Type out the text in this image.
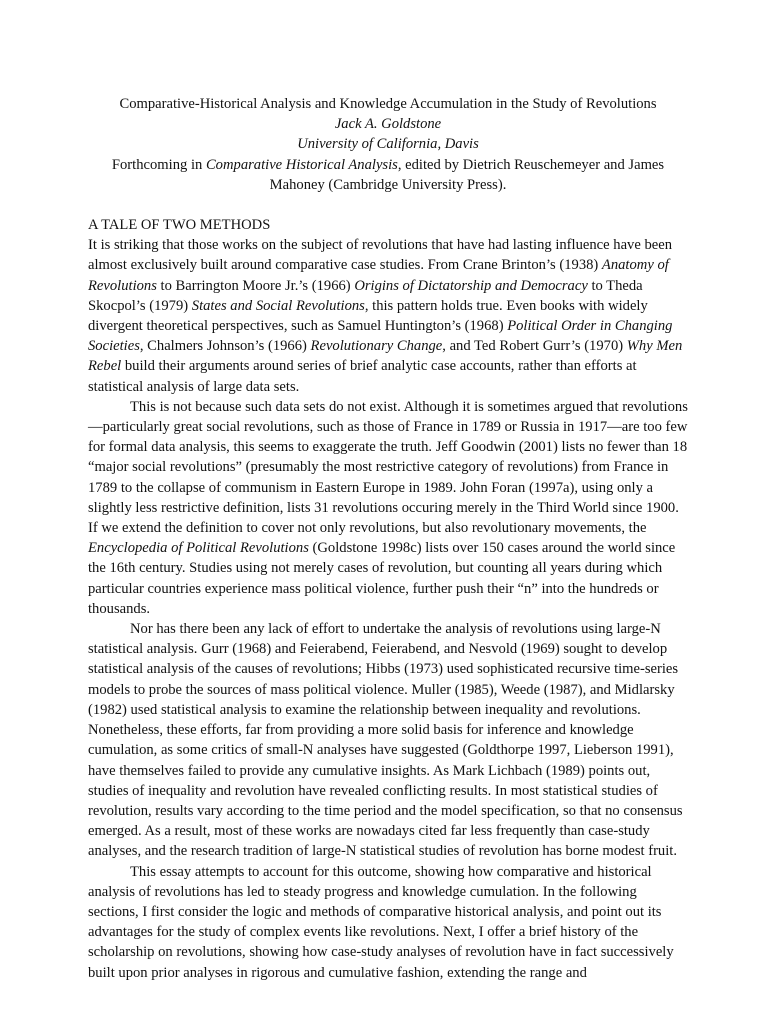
Comparative-Historical Analysis and Knowledge Accumulation in the Study of Revolutions

Jack A. Goldstone

University of California, Davis

Forthcoming in Comparative Historical Analysis, edited by Dietrich Reuschemeyer and James Mahoney (Cambridge University Press).

A TALE OF TWO METHODS

It is striking that those works on the subject of revolutions that have had lasting influence have been almost exclusively built around comparative case studies. From Crane Brinton’s (1938) Anatomy of Revolutions to Barrington Moore Jr.’s (1966) Origins of Dictatorship and Democracy to Theda Skocpol’s (1979) States and Social Revolutions, this pattern holds true. Even books with widely divergent theoretical perspectives, such as Samuel Huntington’s (1968) Political Order in Changing Societies, Chalmers Johnson’s (1966) Revolutionary Change, and Ted Robert Gurr’s (1970) Why Men Rebel build their arguments around series of brief analytic case accounts, rather than efforts at statistical analysis of large data sets.

This is not because such data sets do not exist. Although it is sometimes argued that revolutions—particularly great social revolutions, such as those of France in 1789 or Russia in 1917—are too few for formal data analysis, this seems to exaggerate the truth. Jeff Goodwin (2001) lists no fewer than 18 “major social revolutions” (presumably the most restrictive category of revolutions) from France in 1789 to the collapse of communism in Eastern Europe in 1989. John Foran (1997a), using only a slightly less restrictive definition, lists 31 revolutions occuring merely in the Third World since 1900. If we extend the definition to cover not only revolutions, but also revolutionary movements, the Encyclopedia of Political Revolutions (Goldstone 1998c) lists over 150 cases around the world since the 16th century. Studies using not merely cases of revolution, but counting all years during which particular countries experience mass political violence, further push their “n” into the hundreds or thousands.

Nor has there been any lack of effort to undertake the analysis of revolutions using large-N statistical analysis. Gurr (1968) and Feierabend, Feierabend, and Nesvold (1969) sought to develop statistical analysis of the causes of revolutions; Hibbs (1973) used sophisticated recursive time-series models to probe the sources of mass political violence. Muller (1985), Weede (1987), and Midlarsky (1982) used statistical analysis to examine the relationship between inequality and revolutions. Nonetheless, these efforts, far from providing a more solid basis for inference and knowledge cumulation, as some critics of small-N analyses have suggested (Goldthorpe 1997, Lieberson 1991), have themselves failed to provide any cumulative insights. As Mark Lichbach (1989) points out, studies of inequality and revolution have revealed conflicting results. In most statistical studies of revolution, results vary according to the time period and the model specification, so that no consensus emerged. As a result, most of these works are nowadays cited far less frequently than case-study analyses, and the research tradition of large-N statistical studies of revolution has borne modest fruit.

This essay attempts to account for this outcome, showing how comparative and historical analysis of revolutions has led to steady progress and knowledge cumulation. In the following sections, I first consider the logic and methods of comparative historical analysis, and point out its advantages for the study of complex events like revolutions. Next, I offer a brief history of the scholarship on revolutions, showing how case-study analyses of revolution have in fact successively built upon prior analyses in rigorous and cumulative fashion, extending the range and
